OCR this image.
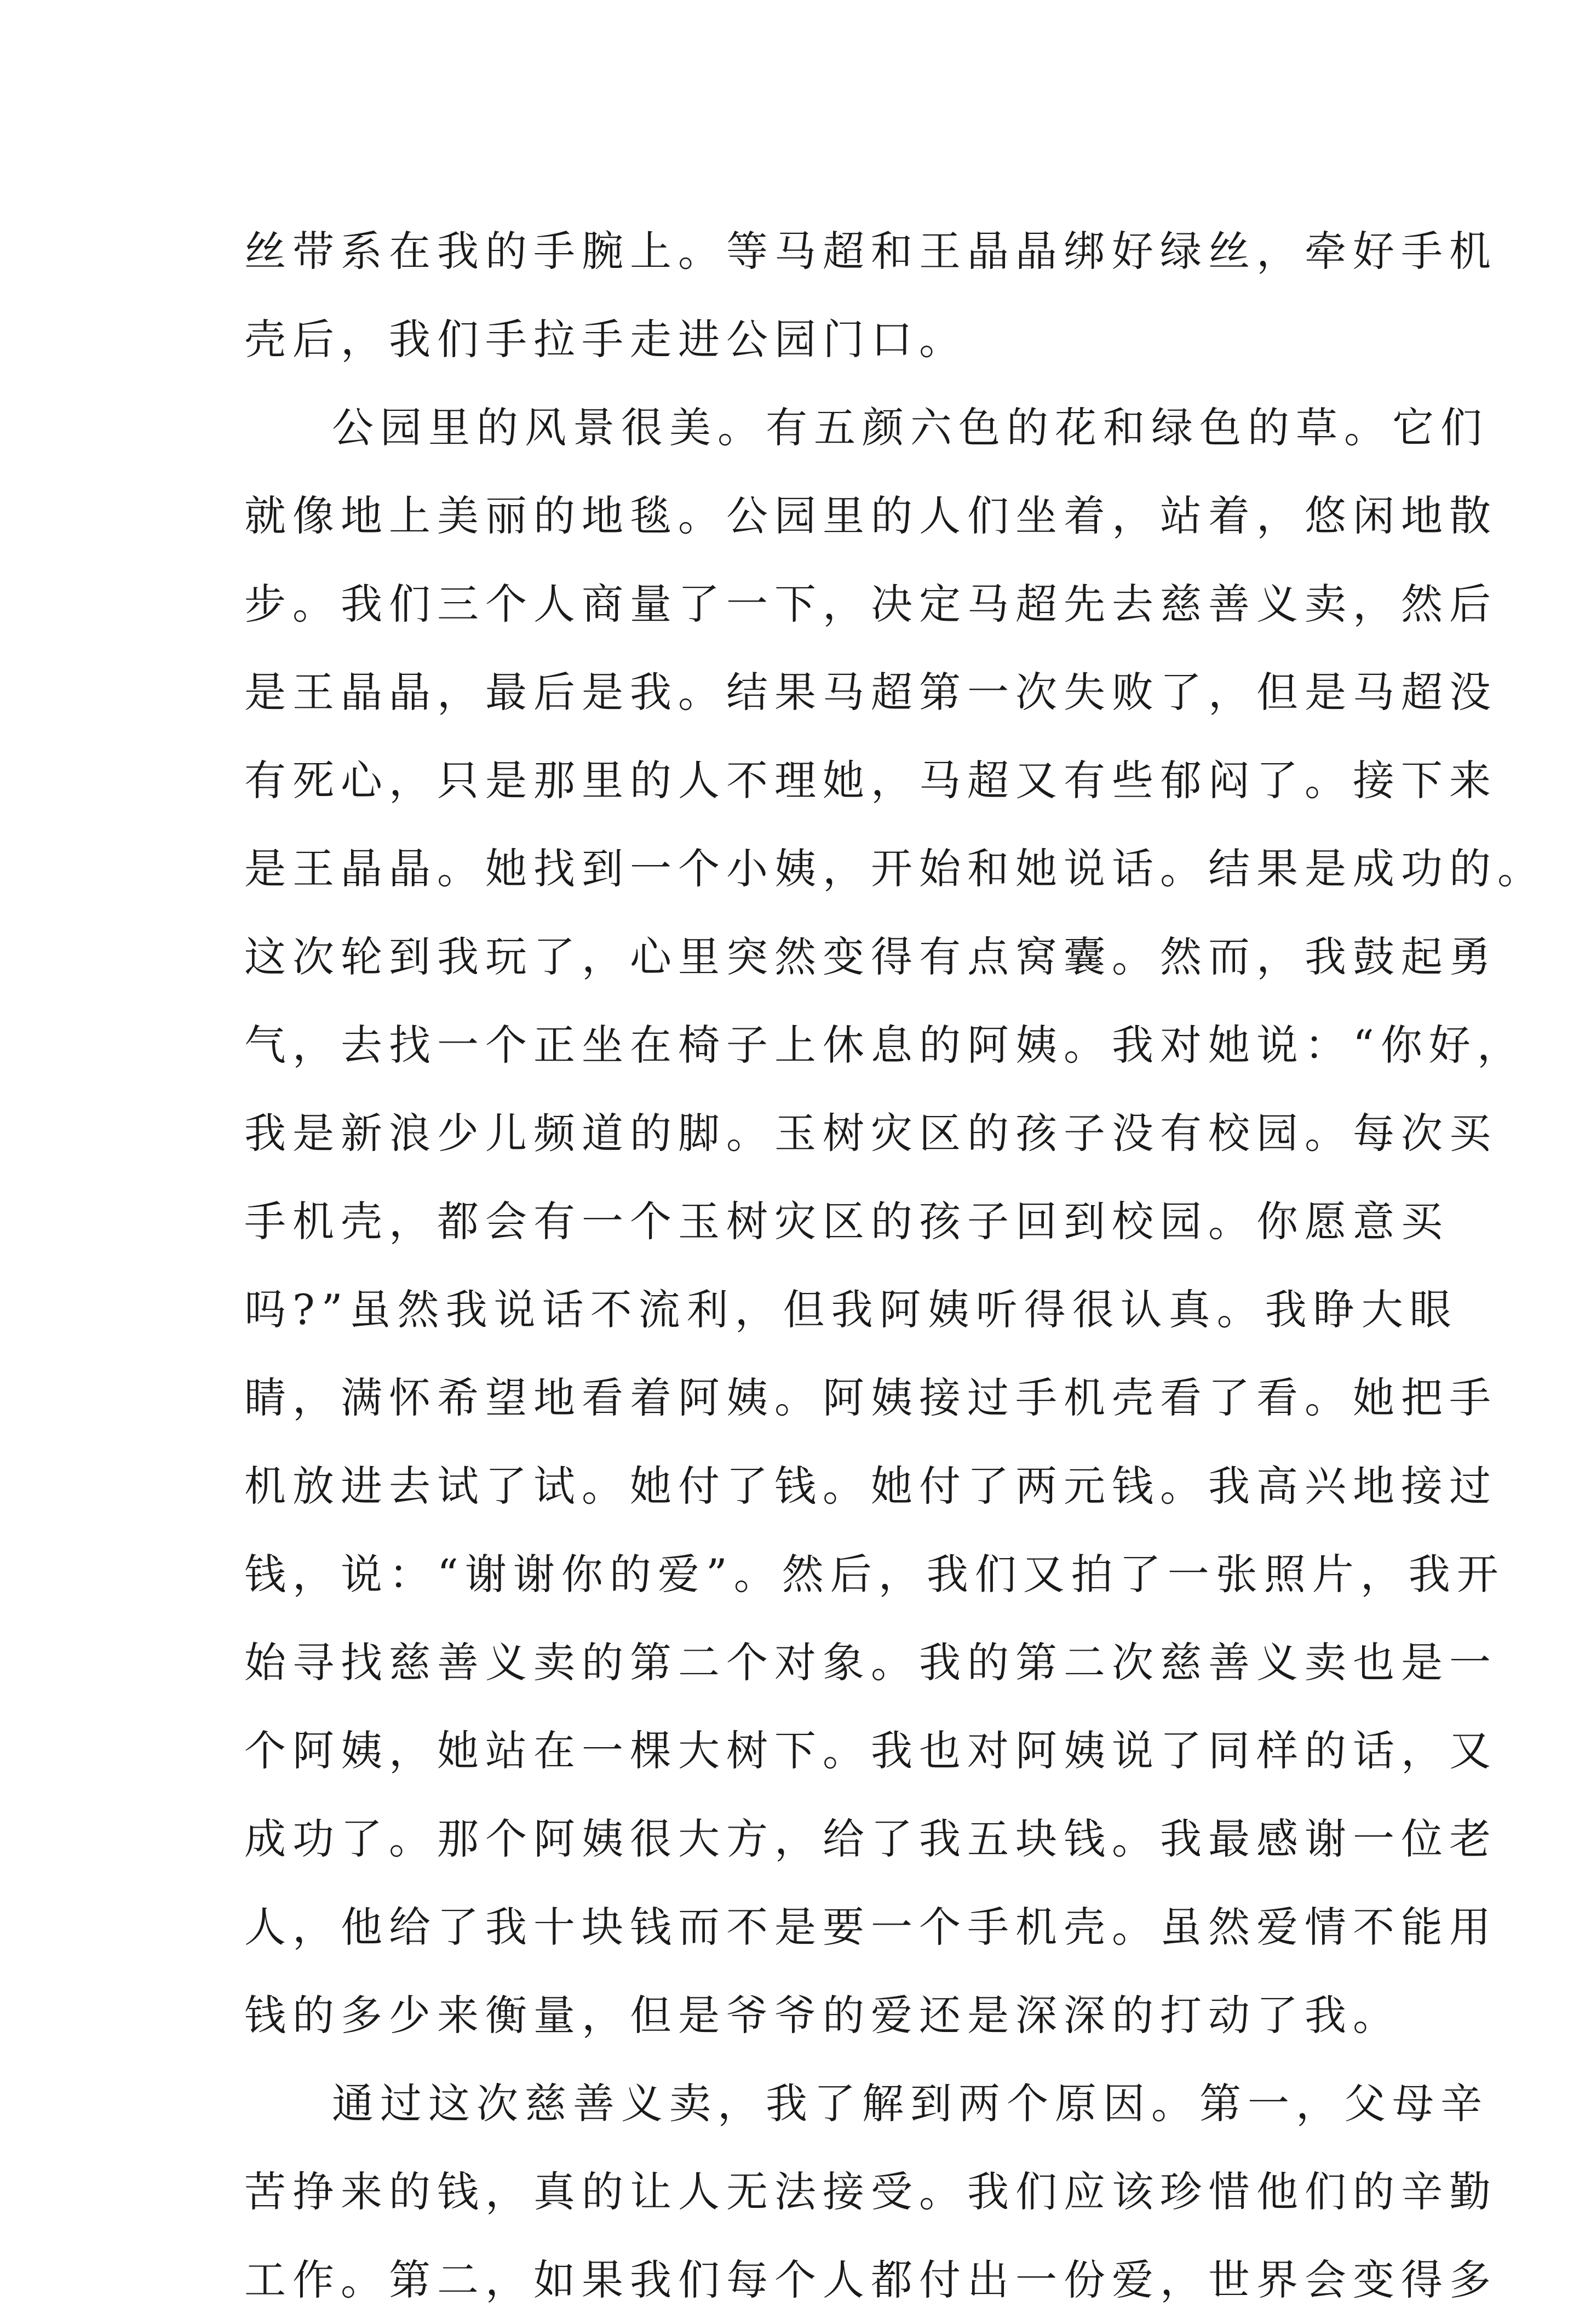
丝带系在我的手腕上。等马超和王晶晶绑好绿丝，牵好手机
壳后，我们手拉手走进公园门口。
公园里的风景很美。有五颜六色的花和绿色的草。它们
就像地上美丽的地毯。公园里的人们坐着，站着，悠闲地散
步。我们三个人商量了一下，决定马超先去慈善义卖，然后
是王晶晶，最后是我。结果马超第一次失败了，但是马超没
有死心，只是那里的人不理她，马超又有些郁闷了。接下来
是王晶晶。她找到一个小姨，开始和她说话。结果是成功的。
这次轮到我玩了，心里突然变得有点窝囊。然而，我鼓起勇
气，去找一个正坐在椅子上休息的阿姨。我对她说：“你好，
我是新浪少儿频道的脚。玉树灾区的孩子没有校园。每次买
手机壳，都会有一个玉树灾区的孩子回到校园。你愿意买
吗?”虽然我说话不流利，但我阿姨听得很认真。我睁大眼
睛，满怀希望地看着阿姨。阿姨接过手机壳看了看。她把手
机放进去试了试。她付了钱。她付了两元钱。我高兴地接过
钱，说：“谢谢你的爱”。然后，我们又拍了一张照片，我开
始寻找慈善义卖的第二个对象。我的第二次慈善义卖也是一
个阿姨，她站在一棵大树下。我也对阿姨说了同样的话，又
成功了。那个阿姨很大方，给了我五块钱。我最感谢一位老
人，他给了我十块钱而不是要一个手机壳。虽然爱情不能用
钱的多少来衡量，但是爷爷的爱还是深深的打动了我。
通过这次慈善义卖，我了解到两个原因。第一，父母辛
苦挣来的钱，真的让人无法接受。我们应该珍惜他们的辛勤
工作。第二，如果我们每个人都付出一份爱，世界会变得多
